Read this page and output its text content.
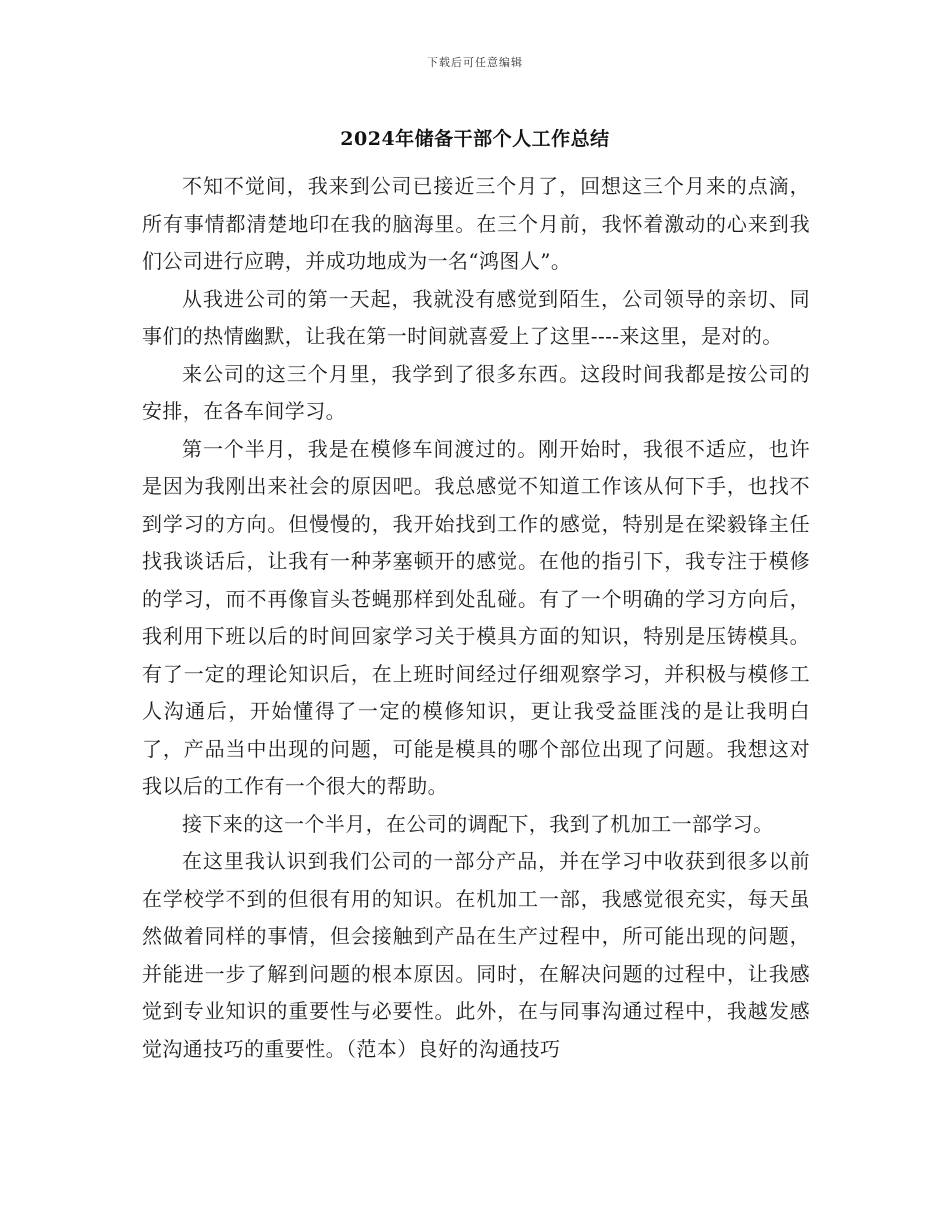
下载后可任意编辑
2024年储备干部个人工作总结

不知不觉间，我来到公司已接近三个月了，回想这三个月来的点滴，所有事情都清楚地印在我的脑海里。在三个月前，我怀着激动的心来到我们公司进行应聘，并成功地成为一名“鸿图人”。

从我进公司的第一天起，我就没有感觉到陌生，公司领导的亲切、同事们的热情幽默，让我在第一时间就喜爱上了这里----来这里，是对的。

来公司的这三个月里，我学到了很多东西。这段时间我都是按公司的安排，在各车间学习。

第一个半月，我是在模修车间渡过的。刚开始时，我很不适应，也许是因为我刚出来社会的原因吧。我总感觉不知道工作该从何下手，也找不到学习的方向。但慢慢的，我开始找到工作的感觉，特别是在梁毅锋主任找我谈话后，让我有一种茅塞顿开的感觉。在他的指引下，我专注于模修的学习，而不再像盲头苍蝇那样到处乱碰。有了一个明确的学习方向后，我利用下班以后的时间回家学习关于模具方面的知识，特别是压铸模具。有了一定的理论知识后，在上班时间经过仔细观察学习，并积极与模修工人沟通后，开始懂得了一定的模修知识，更让我受益匪浅的是让我明白了，产品当中出现的问题，可能是模具的哪个部位出现了问题。我想这对我以后的工作有一个很大的帮助。

接下来的这一个半月，在公司的调配下，我到了机加工一部学习。

在这里我认识到我们公司的一部分产品，并在学习中收获到很多以前在学校学不到的但很有用的知识。在机加工一部，我感觉很充实，每天虽然做着同样的事情，但会接触到产品在生产过程中，所可能出现的问题，并能进一步了解到问题的根本原因。同时，在解决问题的过程中，让我感觉到专业知识的重要性与必要性。此外，在与同事沟通过程中，我越发感觉沟通技巧的重要性。（范本）良好的沟通技巧
